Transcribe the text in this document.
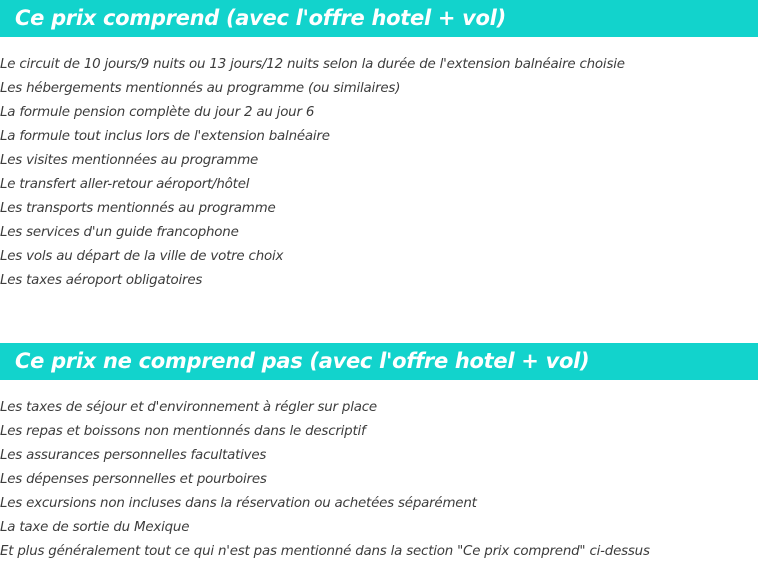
Ce prix comprend (avec l'offre hotel + vol)
Le circuit de 10 jours/9 nuits ou 13 jours/12 nuits selon la durée de l'extension balnéaire choisie
Les hébergements mentionnés au programme (ou similaires)
La formule pension complète du jour 2 au jour 6
La formule tout inclus lors de l'extension balnéaire
Les visites mentionnées au programme
Le transfert aller-retour aéroport/hôtel
Les transports mentionnés au programme
Les services d'un guide francophone
Les vols au départ de la ville de votre choix
Les taxes aéroport obligatoires
Ce prix ne comprend pas (avec l'offre hotel + vol)
Les taxes de séjour et d'environnement à régler sur place
Les repas et boissons non mentionnés dans le descriptif
Les assurances personnelles facultatives
Les dépenses personnelles et pourboires
Les excursions non incluses dans la réservation ou achetées séparément
La taxe de sortie du Mexique
Et plus généralement tout ce qui n'est pas mentionné dans la section "Ce prix comprend" ci-dessus
